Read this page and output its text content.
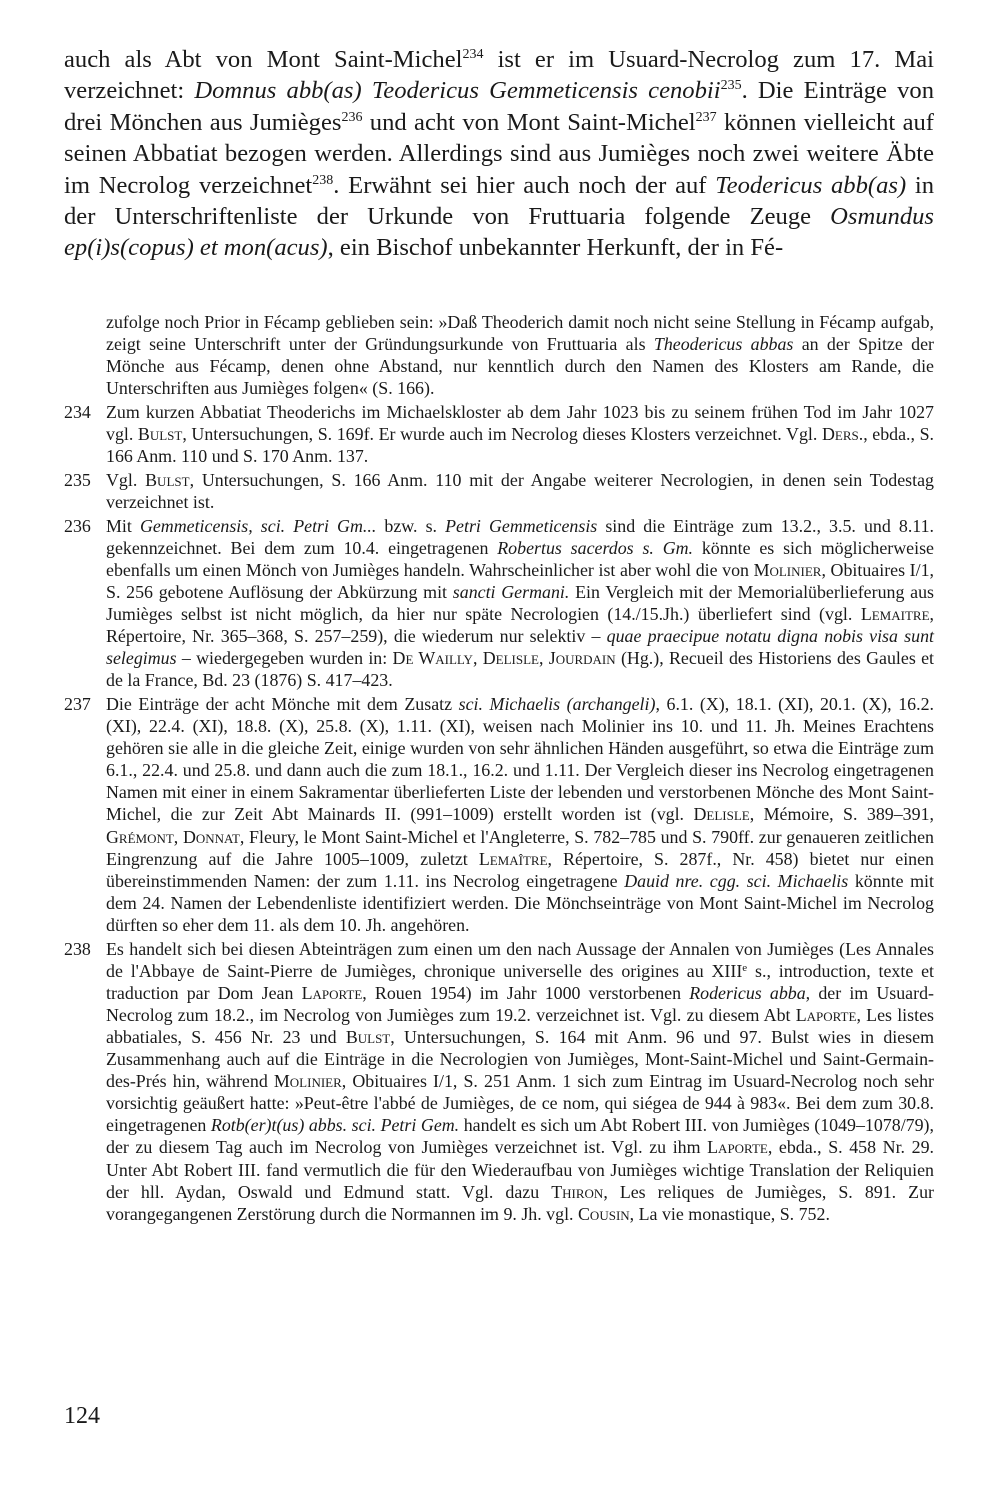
auch als Abt von Mont Saint-Michel$^{234}$ ist er im Usuard-Necrolog zum 17. Mai verzeichnet: Domnus abb(as) Teodericus Gemmeticensis cenobii$^{235}$. Die Einträge von drei Mönchen aus Jumièges$^{236}$ und acht von Mont Saint-Michel$^{237}$ können vielleicht auf seinen Abbatiat bezogen werden. Allerdings sind aus Jumièges noch zwei weitere Äbte im Necrolog verzeichnet$^{238}$. Erwähnt sei hier auch noch der auf Teodericus abb(as) in der Unterschriftenliste der Urkunde von Fruttuaria folgende Zeuge Osmundus ep(i)s(copus) et mon(acus), ein Bischof unbekannter Herkunft, der in Fé-

zufolge noch Prior in Fécamp geblieben sein: »Daß Theoderich damit noch nicht seine Stellung in Fécamp aufgab, zeigt seine Unterschrift unter der Gründungsurkunde von Fruttuaria als Theodericus abbas an der Spitze der Mönche aus Fécamp, denen ohne Abstand, nur kenntlich durch den Namen des Klosters am Rande, die Unterschriften aus Jumièges folgen« (S. 166).

234 Zum kurzen Abbatiat Theoderichs im Michaelskloster ab dem Jahr 1023 bis zu seinem frühen Tod im Jahr 1027 vgl. Bulst, Untersuchungen, S. 169f. Er wurde auch im Necrolog dieses Klosters verzeichnet. Vgl. Ders., ebda., S. 166 Anm. 110 und S. 170 Anm. 137.

235 Vgl. Bulst, Untersuchungen, S. 166 Anm. 110 mit der Angabe weiterer Necrologien, in denen sein Todestag verzeichnet ist.

236 Mit Gemmeticensis, sci. Petri Gm... bzw. s. Petri Gemmeticensis sind die Einträge zum 13.2., 3.5. und 8.11. gekennzeichnet. Bei dem zum 10.4. eingetragenen Robertus sacerdos s. Gm. könnte es sich möglicherweise ebenfalls um einen Mönch von Jumièges handeln. Wahrscheinlicher ist aber wohl die von Molinier, Obituaires I/1, S. 256 gebotene Auflösung der Abkürzung mit sancti Germani. Ein Vergleich mit der Memorialüberlieferung aus Jumièges selbst ist nicht möglich, da hier nur späte Necrologien (14./15.Jh.) überliefert sind (vgl. Lemaitre, Répertoire, Nr. 365–368, S. 257–259), die wiederum nur selektiv – quae praecipue notatu digna nobis visa sunt selegimus – wiedergegeben wurden in: De Wailly, Delisle, Jourdain (Hg.), Recueil des Historiens des Gaules et de la France, Bd. 23 (1876) S. 417–423.

237 Die Einträge der acht Mönche mit dem Zusatz sci. Michaelis (archangeli), 6.1. (X), 18.1. (XI), 20.1. (X), 16.2. (XI), 22.4. (XI), 18.8. (X), 25.8. (X), 1.11. (XI), weisen nach Molinier ins 10. und 11. Jh. Meines Erachtens gehören sie alle in die gleiche Zeit, einige wurden von sehr ähnlichen Händen ausgeführt, so etwa die Einträge zum 6.1., 22.4. und 25.8. und dann auch die zum 18.1., 16.2. und 1.11. Der Vergleich dieser ins Necrolog eingetragenen Namen mit einer in einem Sakramentar überlieferten Liste der lebenden und verstorbenen Mönche des Mont Saint-Michel, die zur Zeit Abt Mainards II. (991–1009) erstellt worden ist (vgl. Delisle, Mémoire, S. 389–391, Grémont, Donnat, Fleury, le Mont Saint-Michel et l'Angleterre, S. 782–785 und S. 790ff. zur genaueren zeitlichen Eingrenzung auf die Jahre 1005–1009, zuletzt Lemaître, Répertoire, S. 287f., Nr. 458) bietet nur einen übereinstimmenden Namen: der zum 1.11. ins Necrolog eingetragene Dauid nre. cgg. sci. Michaelis könnte mit dem 24. Namen der Lebendenliste identifiziert werden. Die Mönchseinträge von Mont Saint-Michel im Necrolog dürften so eher dem 11. als dem 10. Jh. angehören.

238 Es handelt sich bei diesen Abteinträgen zum einen um den nach Aussage der Annalen von Jumièges (Les Annales de l'Abbaye de Saint-Pierre de Jumièges, chronique universelle des origines au XIIIe s., introduction, texte et traduction par Dom Jean Laporte, Rouen 1954) im Jahr 1000 verstorbenen Rodericus abba, der im Usuard-Necrolog zum 18.2., im Necrolog von Jumièges zum 19.2. verzeichnet ist. Vgl. zu diesem Abt Laporte, Les listes abbatiales, S. 456 Nr. 23 und Bulst, Untersuchungen, S. 164 mit Anm. 96 und 97. Bulst wies in diesem Zusammenhang auch auf die Einträge in die Necrologien von Jumièges, Mont-Saint-Michel und Saint-Germain-des-Prés hin, während Molinier, Obituaires I/1, S. 251 Anm. 1 sich zum Eintrag im Usuard-Necrolog noch sehr vorsichtig geäußert hatte: »Peut-être l'abbé de Jumièges, de ce nom, qui siégea de 944 à 983«. Bei dem zum 30.8. eingetragenen Rotb(er)t(us) abbs. sci. Petri Gem. handelt es sich um Abt Robert III. von Jumièges (1049–1078/79), der zu diesem Tag auch im Necrolog von Jumièges verzeichnet ist. Vgl. zu ihm Laporte, ebda., S. 458 Nr. 29. Unter Abt Robert III. fand vermutlich die für den Wiederaufbau von Jumièges wichtige Translation der Reliquien der hll. Aydan, Oswald und Edmund statt. Vgl. dazu Thiron, Les reliques de Jumièges, S. 891. Zur vorangegangenen Zerstörung durch die Normannen im 9. Jh. vgl. Cousin, La vie monastique, S. 752.

124
